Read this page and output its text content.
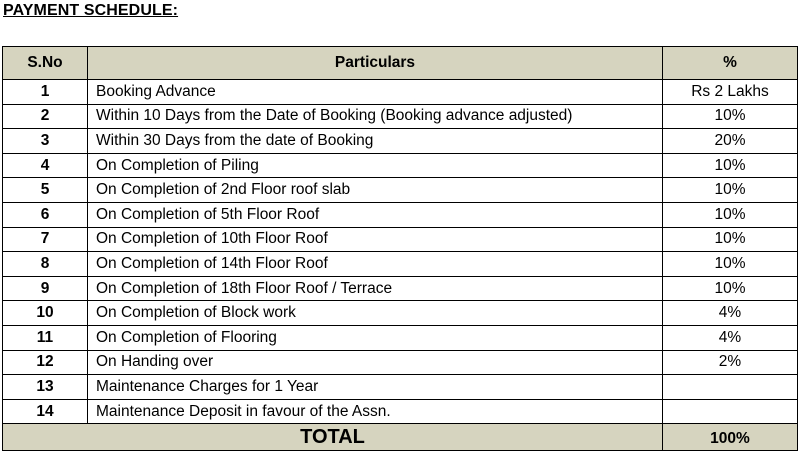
PAYMENT SCHEDULE:
S.No	Particulars	%
1	Booking Advance	Rs 2 Lakhs
2	Within 10 Days from the Date of Booking (Booking advance adjusted)	10%
3	Within 30 Days from the date of Booking	20%
4	On Completion of Piling	10%
5	On Completion of 2nd Floor roof slab	10%
6	On Completion of 5th Floor Roof	10%
7	On Completion of 10th Floor Roof	10%
8	On Completion of 14th Floor Roof	10%
9	On Completion of 18th Floor Roof / Terrace	10%
10	On Completion of Block work	4%
11	On Completion of Flooring	4%
12	On Handing over	2%
13	Maintenance Charges for 1 Year	
14	Maintenance Deposit in favour of the Assn.	
TOTAL		100%
